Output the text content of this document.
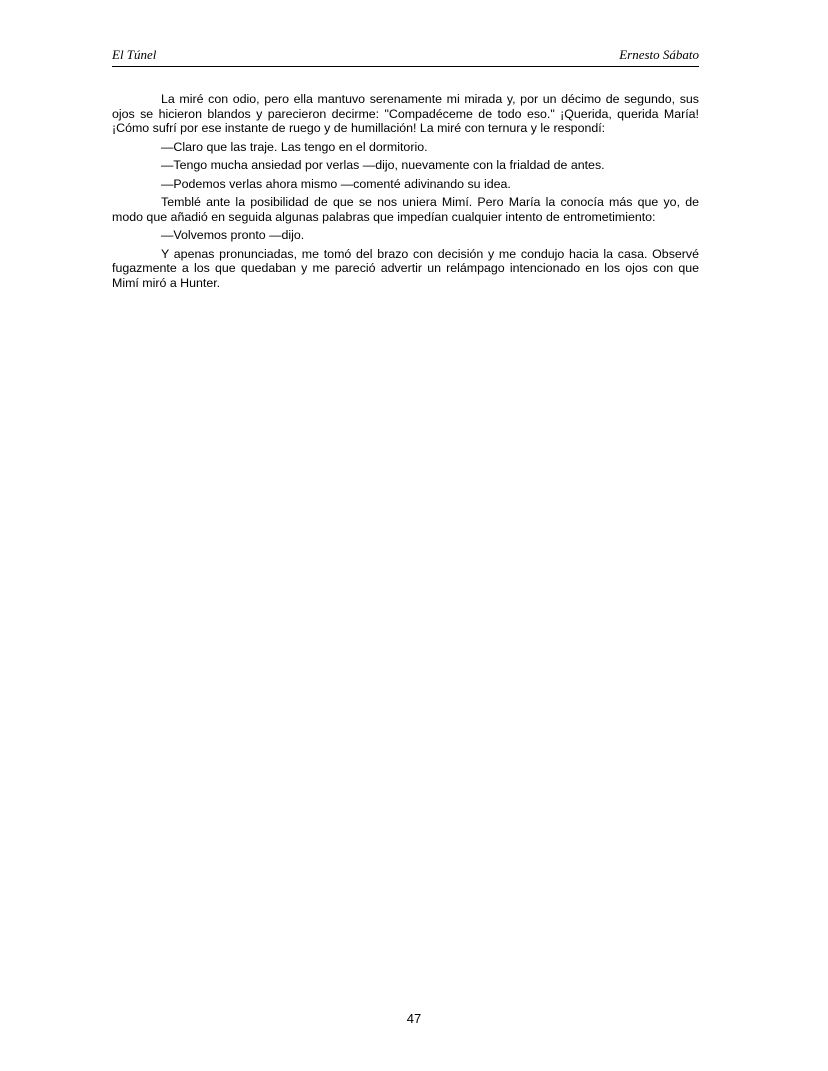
El Túnel	Ernesto Sábato

La miré con odio, pero ella mantuvo serenamente mi mirada y, por un décimo de segundo, sus ojos se hicieron blandos y parecieron decirme: "Compadéceme de todo eso." ¡Querida, querida María! ¡Cómo sufrí por ese instante de ruego y de humillación! La miré con ternura y le respondí:

—Claro que las traje. Las tengo en el dormitorio.

—Tengo mucha ansiedad por verlas —dijo, nuevamente con la frialdad de antes.

—Podemos verlas ahora mismo —comenté adivinando su idea.

Temblé ante la posibilidad de que se nos uniera Mimí. Pero María la conocía más que yo, de modo que añadió en seguida algunas palabras que impedían cualquier intento de entrometimiento:

—Volvemos pronto —dijo.

Y apenas pronunciadas, me tomó del brazo con decisión y me condujo hacia la casa. Observé fugazmente a los que quedaban y me pareció advertir un relámpago intencionado en los ojos con que Mimí miró a Hunter.

47
